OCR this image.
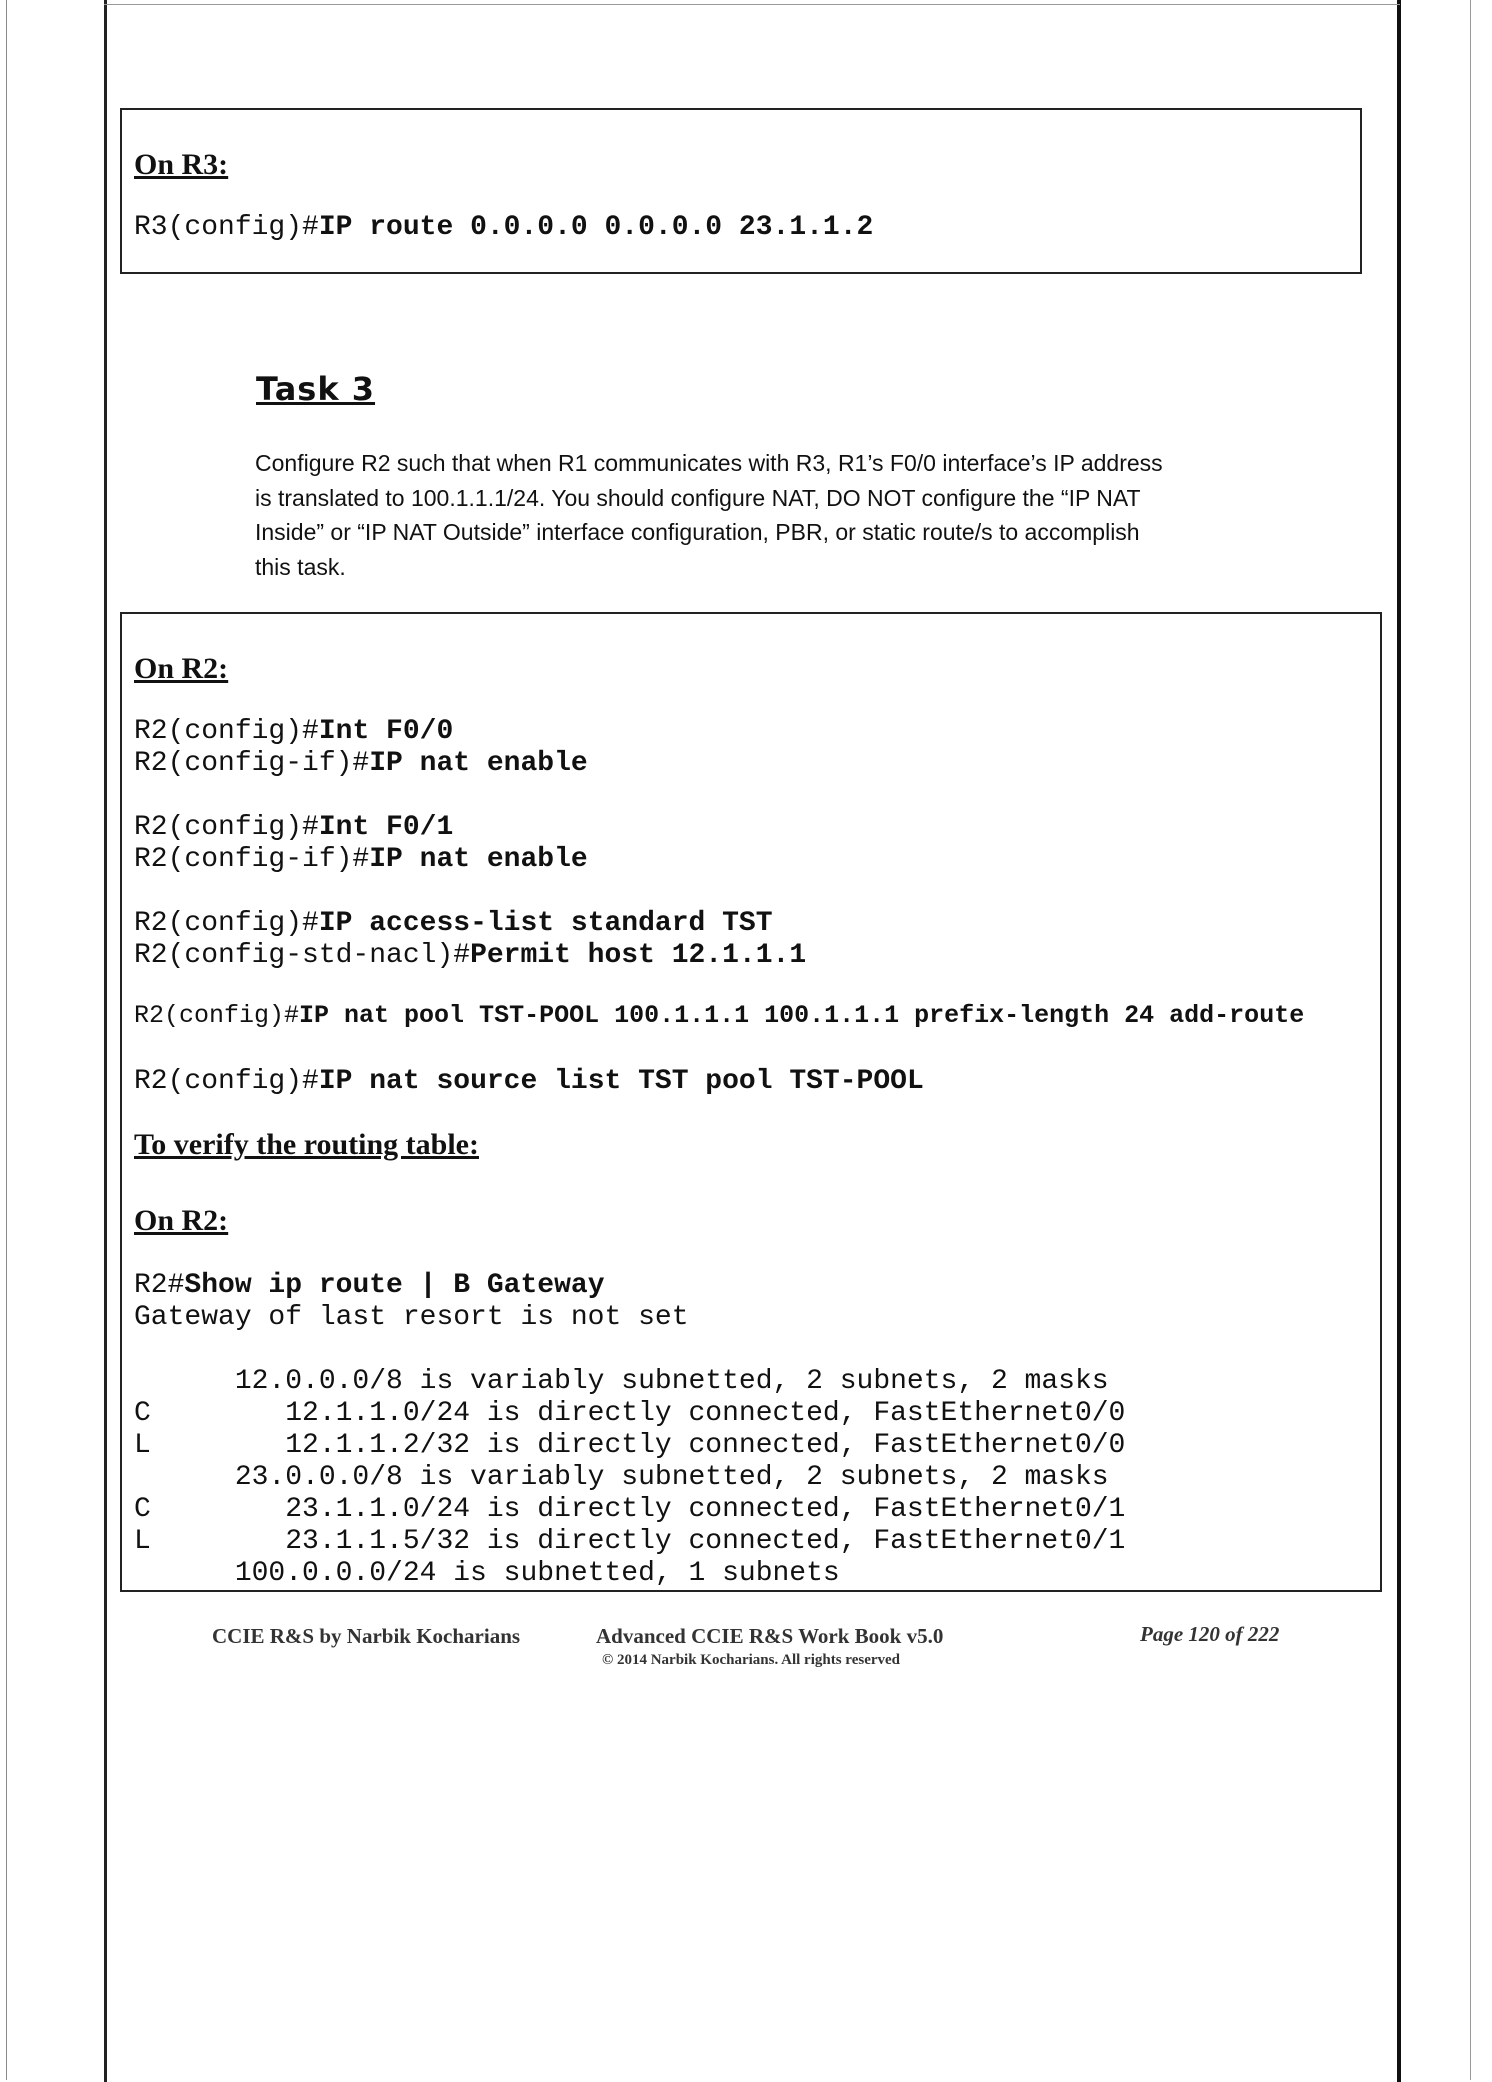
On R3:
R3(config)#IP route 0.0.0.0 0.0.0.0 23.1.1.2
Task 3
Configure R2 such that when R1 communicates with R3, R1’s F0/0 interface’s IP address
is translated to 100.1.1.1/24. You should configure NAT, DO NOT configure the “IP NAT
Inside” or “IP NAT Outside” interface configuration, PBR, or static route/s to accomplish
this task.
On R2:
R2(config)#Int F0/0
R2(config-if)#IP nat enable
R2(config)#Int F0/1
R2(config-if)#IP nat enable
R2(config)#IP access-list standard TST
R2(config-std-nacl)#Permit host 12.1.1.1
R2(config)#IP nat pool TST-POOL 100.1.1.1 100.1.1.1 prefix-length 24 add-route
R2(config)#IP nat source list TST pool TST-POOL
To verify the routing table:
On R2:
R2#Show ip route | B Gateway
Gateway of last resort is not set
12.0.0.0/8 is variably subnetted, 2 subnets, 2 masks
C        12.1.1.0/24 is directly connected, FastEthernet0/0
L        12.1.1.2/32 is directly connected, FastEthernet0/0
23.0.0.0/8 is variably subnetted, 2 subnets, 2 masks
C        23.1.1.0/24 is directly connected, FastEthernet0/1
L        23.1.1.5/32 is directly connected, FastEthernet0/1
100.0.0.0/24 is subnetted, 1 subnets
CCIE R&S by Narbik Kocharians	Advanced CCIE R&S Work Book v5.0
© 2014 Narbik Kocharians. All rights reserved
Page 120 of 222
